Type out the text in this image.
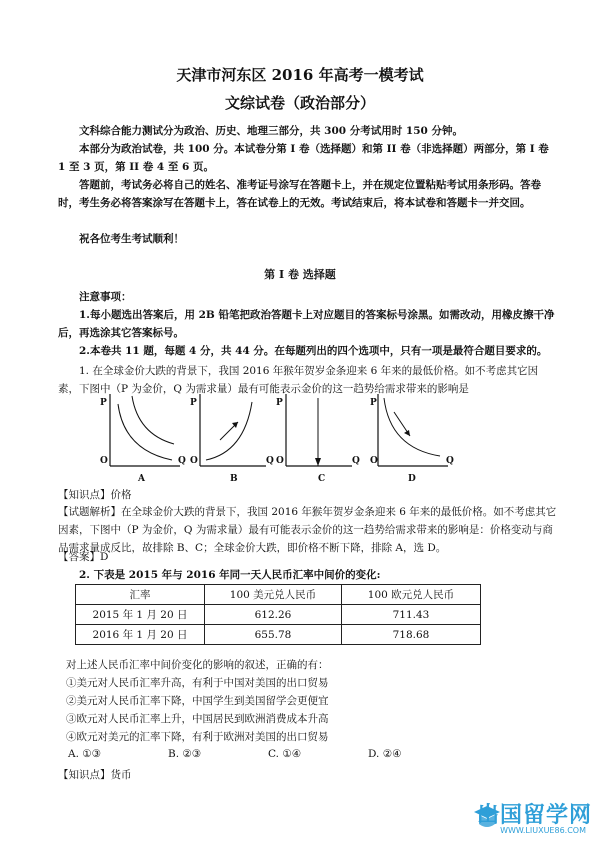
天津市河东区 2016 年高考一模考试
文综试卷（政治部分）
文科综合能力测试分为政治、历史、地理三部分，共 300 分考试用时 150 分钟。
本部分为政治试卷，共 100 分。本试卷分第 I 卷（选择题）和第 II 卷（非选择题）两部分，第 I 卷 1 至 3 页，第 II 卷 4 至 6 页。
答题前，考试务必将自己的姓名、准考证号涂写在答题卡上，并在规定位置粘贴考试用条形码。答卷时，考生务必将答案涂写在答题卡上，答在试卷上的无效。考试结束后，将本试卷和答题卡一并交回。
祝各位考生考试顺利！
第 I 卷 选择题
注意事项：
1.每小题选出答案后，用 2B 铅笔把政治答题卡上对应题目的答案标号涂黑。如需改动，用橡皮擦干净后，再选涂其它答案标号。
2.本卷共 11 题，每题 4 分，共 44 分。在每题列出的四个选项中，只有一项是最符合题目要求的。
1. 在全球金价大跌的背景下，我国 2016 年猴年贺岁金条迎来 6 年来的最低价格。如不考虑其它因素，下图中（P 为金价，Q 为需求量）最有可能表示金价的这一趋势给需求带来的影响是
P
O	Q
P
O	Q
P
O	Q
P
O	Q
A	B	C	D
【知识点】价格
【试题解析】在全球金价大跌的背景下，我国 2016 年猴年贺岁金条迎来 6 年来的最低价格。如不考虑其它因素，下图中（P 为金价，Q 为需求量）最有可能表示金价的这一趋势给需求带来的影响是：价格变动与商品需求量成反比，故排除 B、C；全球金价大跌，即价格不断下降，排除 A，选 D。
【答案】D
2. 下表是 2015 年与 2016 年同一天人民币汇率中间价的变化:
汇率	100 美元兑人民币	100 欧元兑人民币
2015 年 1 月 20 日	612.26	711.43
2016 年 1 月 20 日	655.78	718.68
对上述人民币汇率中间价变化的影响的叙述，正确的有：
①美元对人民币汇率升高，有利于中国对美国的出口贸易
②美元对人民币汇率下降，中国学生到美国留学会更便宜
③欧元对人民币汇率上升，中国居民到欧洲消费成本升高
④欧元对美元的汇率下降，有利于欧洲对美国的出口贸易
A. ①③	B. ②③	C. ①④	D. ②④
【知识点】货币
出国留学网
WWW.LIUXUE86.COM
